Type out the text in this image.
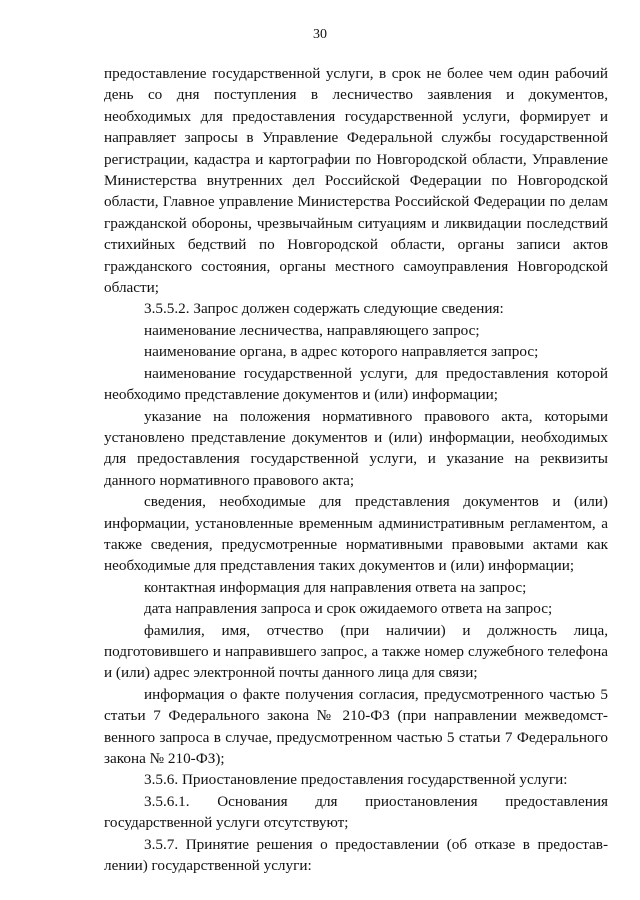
30

предоставление государственной услуги, в срок не более чем один рабочий день со дня поступления в лесничество заявления и документов, необходимых для предоставления государственной услуги, формирует и направляет запросы в Управление Федеральной службы государственной регистрации, кадастра и картографии по Новгородской области, Управление Министерства внутренних дел Российской Федерации по Новгородской области, Главное управление Министерства Российской Федерации по делам гражданской обороны, чрезвычайным ситуациям и ликвидации последствий стихийных бедствий по Новгородской области, органы записи актов гражданского состояния, органы местного самоуправления Новгородской области;

3.5.5.2. Запрос должен содержать следующие сведения:

наименование лесничества, направляющего запрос;

наименование органа, в адрес которого направляется запрос;

наименование государственной услуги, для предоставления которой необходимо представление документов и (или) информации;

указание на положения нормативного правового акта, которыми установлено представление документов и (или) информации, необходимых для предоставления государственной услуги, и указание на реквизиты данного нормативного правового акта;

сведения, необходимые для представления документов и (или) информации, установленные временным административным регламентом, а также сведения, предусмотренные нормативными правовыми актами как необходимые для представления таких документов и (или) информации;

контактная информация для направления ответа на запрос;

дата направления запроса и срок ожидаемого ответа на запрос;

фамилия, имя, отчество (при наличии) и должность лица, подготовившего и направившего запрос, а также номер служебного телефона и (или) адрес электронной почты данного лица для связи;

информация о факте получения согласия, предусмотренного частью 5 статьи 7 Федерального закона № 210-ФЗ (при направлении межведомст-венного запроса в случае, предусмотренном частью 5 статьи 7 Федерального закона № 210-ФЗ);

3.5.6. Приостановление предоставления государственной услуги:

3.5.6.1. Основания для приостановления предоставления государственной услуги отсутствуют;

3.5.7. Принятие решения о предоставлении (об отказе в предостав-лении) государственной услуги:
